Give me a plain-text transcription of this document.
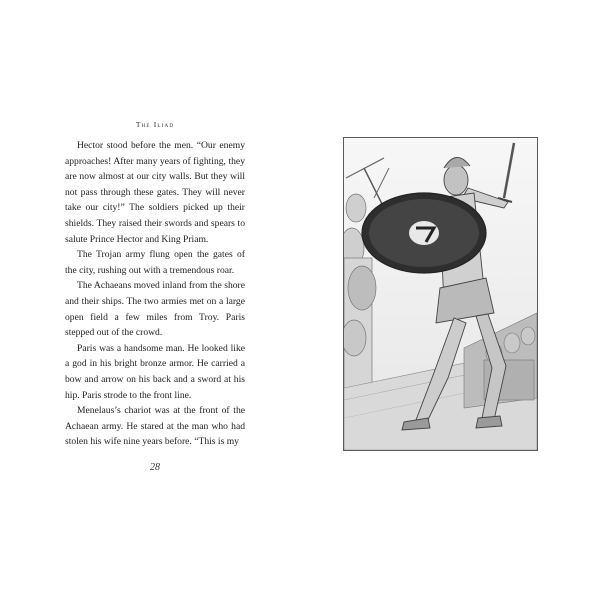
The Iliad

Hector stood before the men. “Our enemy approaches! After many years of fighting, they are now almost at our city walls. But they will not pass through these gates. They will never take our city!” The soldiers picked up their shields. They raised their swords and spears to salute Prince Hector and King Priam.

The Trojan army flung open the gates of the city, rushing out with a tremendous roar.

The Achaeans moved inland from the shore and their ships. The two armies met on a large open field a few miles from Troy. Paris stepped out of the crowd.

Paris was a handsome man. He looked like a god in his bright bronze armor. He carried a bow and arrow on his back and a sword at his hip. Paris strode to the front line.

Menelaus’s chariot was at the front of the Achaean army. He stared at the man who had stolen his wife nine years before. “This is my

28
